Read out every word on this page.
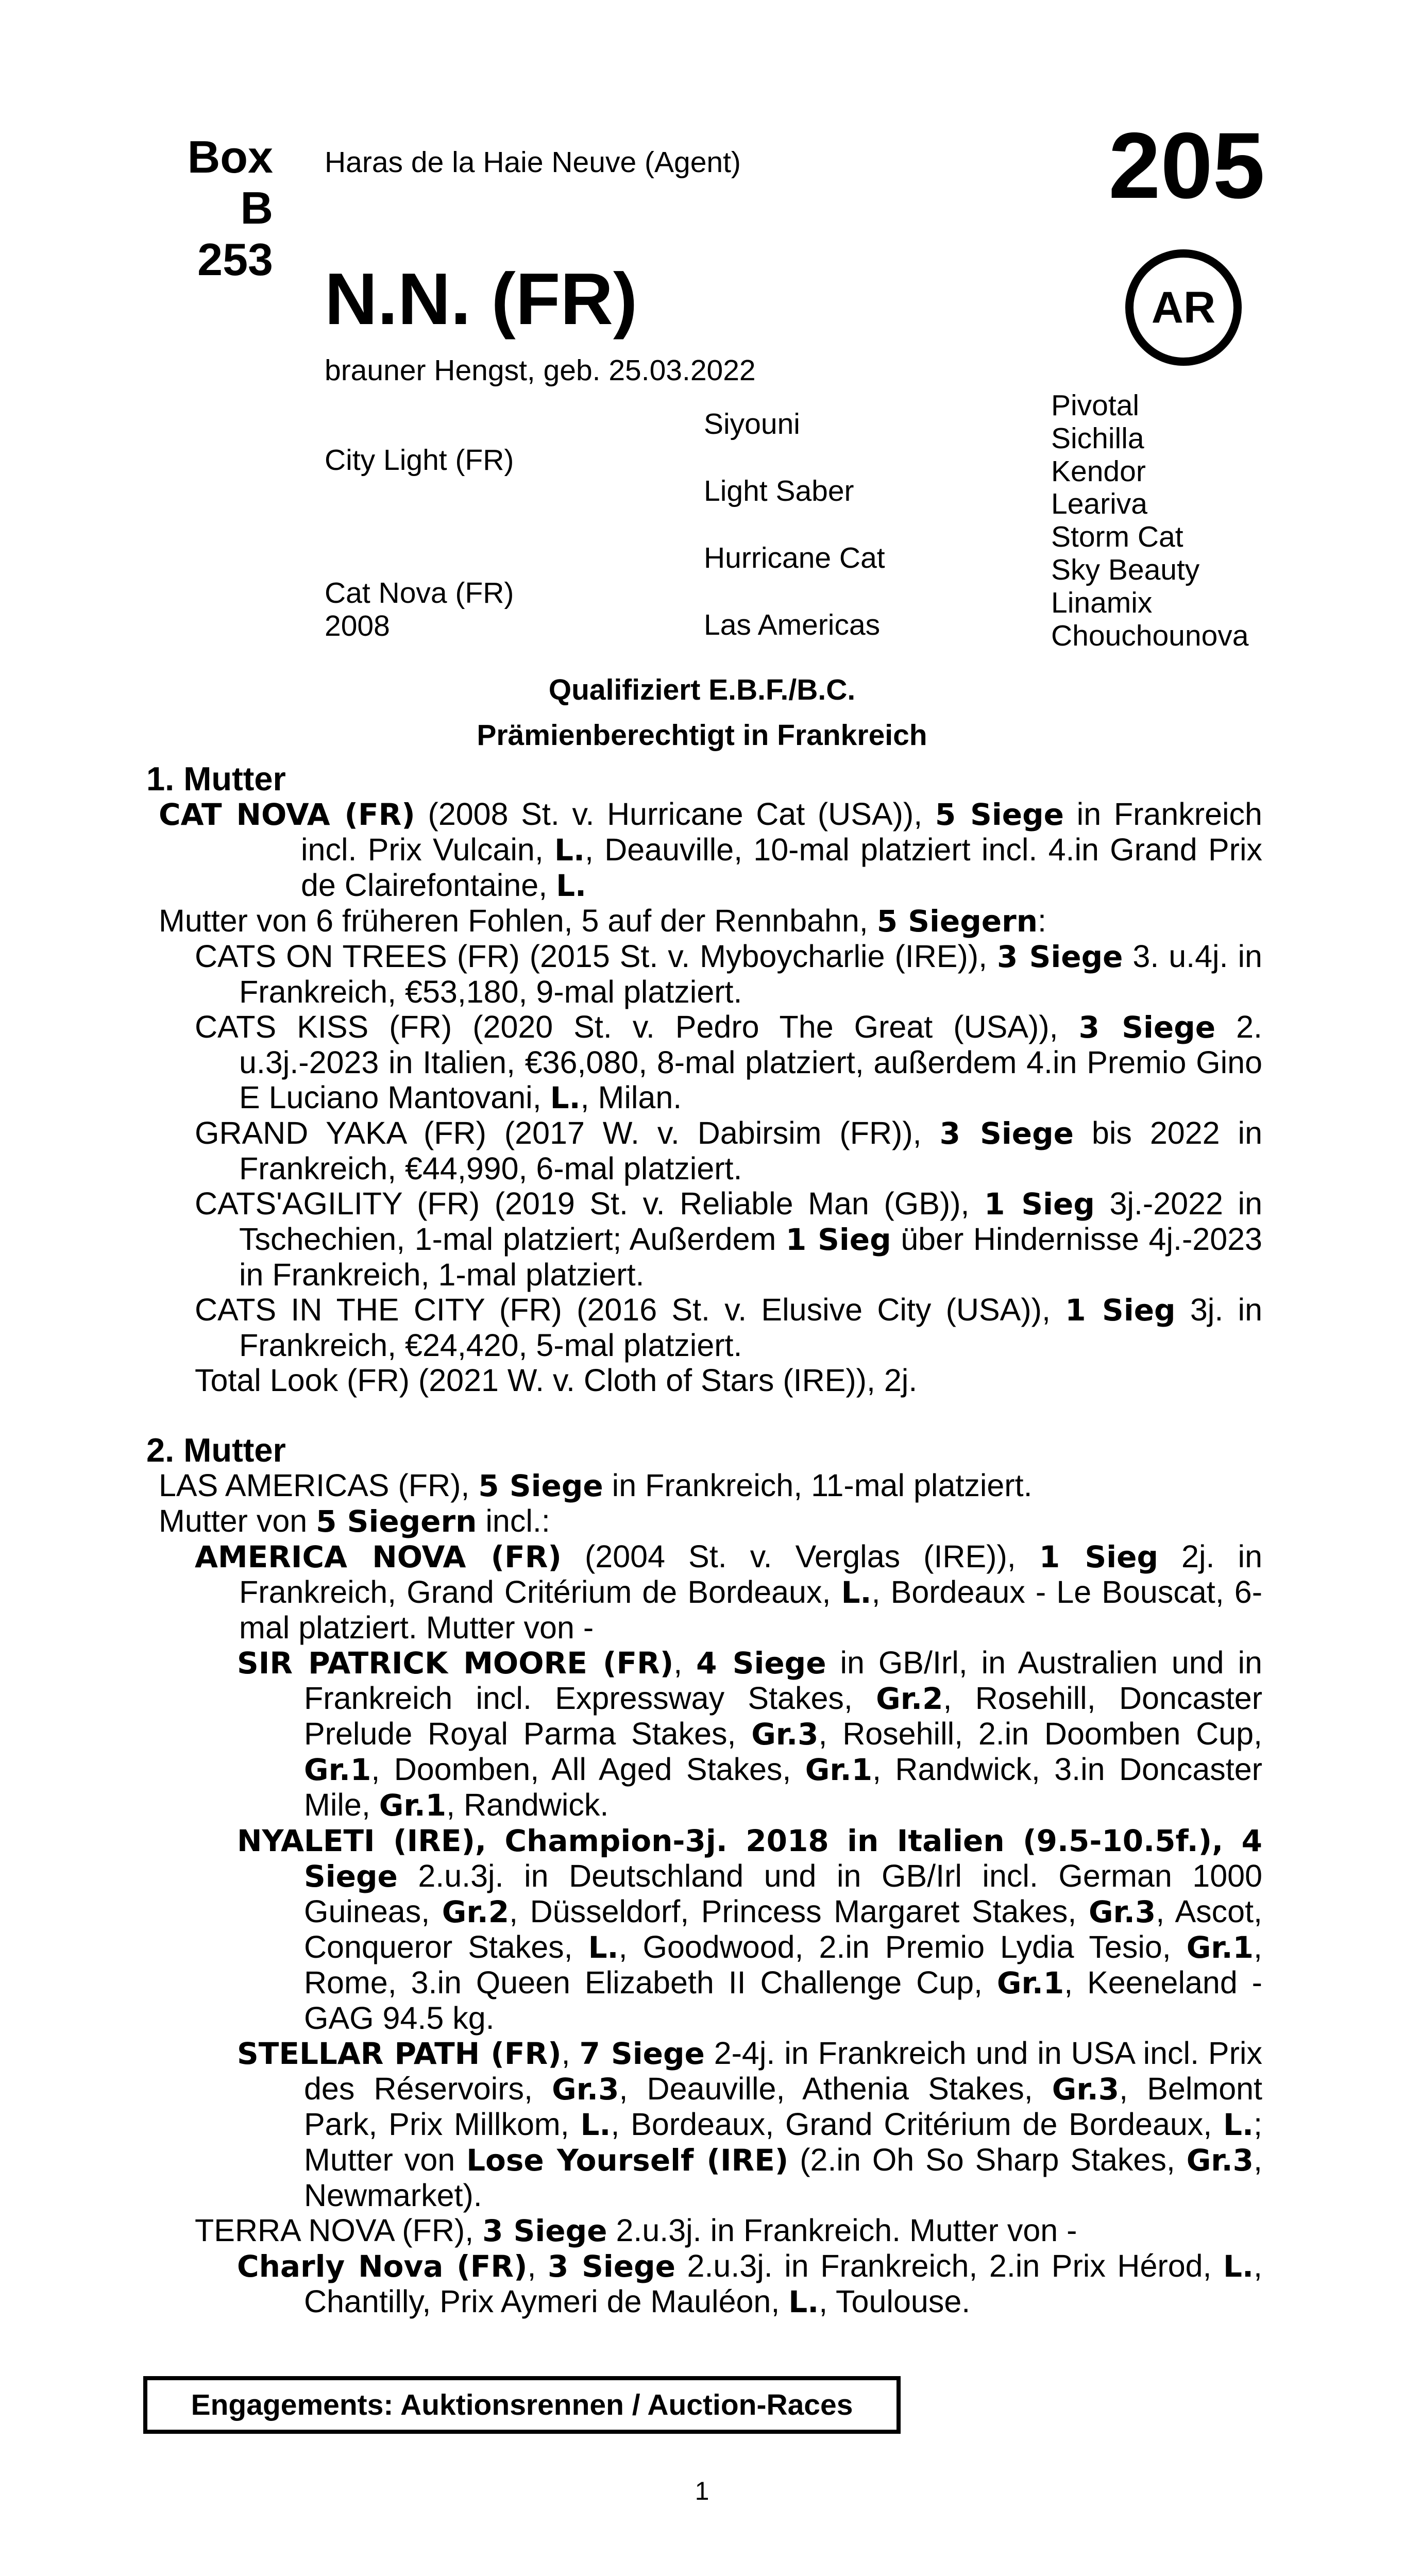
Box
B 253
Haras de la Haie Neuve (Agent)	205
AR
N.N. (FR)
brauner Hengst, geb. 25.03.2022
City Light (FR)
Cat Nova (FR)
2008
Siyouni
Light Saber
Hurricane Cat
Las Americas
Pivotal
Sichilla
Kendor
Leariva
Storm Cat
Sky Beauty
Linamix
Chouchounova
Qualifiziert E.B.F./B.C.
Prämienberechtigt in Frankreich

1. Mutter

CAT NOVA (FR) (2008 St. v. Hurricane Cat (USA)), 5 Siege in Frankreich incl. Prix Vulcain, L., Deauville, 10-mal platziert incl. 4.in Grand Prix de Clairefontaine, L.

Mutter von 6 früheren Fohlen, 5 auf der Rennbahn, 5 Siegern:

CATS ON TREES (FR) (2015 St. v. Myboycharlie (IRE)), 3 Siege 3. u.4j. in Frankreich, €53,180, 9-mal platziert.

CATS KISS (FR) (2020 St. v. Pedro The Great (USA)), 3 Siege 2. u.3j.-2023 in Italien, €36,080, 8-mal platziert, außerdem 4.in Premio Gino E Luciano Mantovani, L., Milan.

GRAND YAKA (FR) (2017 W. v. Dabirsim (FR)), 3 Siege bis 2022 in Frankreich, €44,990, 6-mal platziert.

CATS'AGILITY (FR) (2019 St. v. Reliable Man (GB)), 1 Sieg 3j.-2022 in Tschechien, 1-mal platziert; Außerdem 1 Sieg über Hindernisse 4j.-2023 in Frankreich, 1-mal platziert.

CATS IN THE CITY (FR) (2016 St. v. Elusive City (USA)), 1 Sieg 3j. in Frankreich, €24,420, 5-mal platziert.

Total Look (FR) (2021 W. v. Cloth of Stars (IRE)), 2j.

2. Mutter

LAS AMERICAS (FR), 5 Siege in Frankreich, 11-mal platziert.

Mutter von 5 Siegern incl.:

AMERICA NOVA (FR) (2004 St. v. Verglas (IRE)), 1 Sieg 2j. in Frankreich, Grand Critérium de Bordeaux, L., Bordeaux - Le Bouscat, 6-mal platziert. Mutter von -

SIR PATRICK MOORE (FR), 4 Siege in GB/Irl, in Australien und in Frankreich incl. Expressway Stakes, Gr.2, Rosehill, Doncaster Prelude Royal Parma Stakes, Gr.3, Rosehill, 2.in Doomben Cup, Gr.1, Doomben, All Aged Stakes, Gr.1, Randwick, 3.in Doncaster Mile, Gr.1, Randwick.

NYALETI (IRE), Champion-3j. 2018 in Italien (9.5-10.5f.), 4 Siege 2.u.3j. in Deutschland und in GB/Irl incl. German 1000 Guineas, Gr.2, Düsseldorf, Princess Margaret Stakes, Gr.3, Ascot, Conqueror Stakes, L., Goodwood, 2.in Premio Lydia Tesio, Gr.1, Rome, 3.in Queen Elizabeth II Challenge Cup, Gr.1, Keeneland - GAG 94.5 kg.

STELLAR PATH (FR), 7 Siege 2-4j. in Frankreich und in USA incl. Prix des Réservoirs, Gr.3, Deauville, Athenia Stakes, Gr.3, Belmont Park, Prix Millkom, L., Bordeaux, Grand Critérium de Bordeaux, L.; Mutter von Lose Yourself (IRE) (2.in Oh So Sharp Stakes, Gr.3, Newmarket).

TERRA NOVA (FR), 3 Siege 2.u.3j. in Frankreich. Mutter von -

Charly Nova (FR), 3 Siege 2.u.3j. in Frankreich, 2.in Prix Hérod, L., Chantilly, Prix Aymeri de Mauléon, L., Toulouse.

Engagements: Auktionsrennen / Auction-Races
1
